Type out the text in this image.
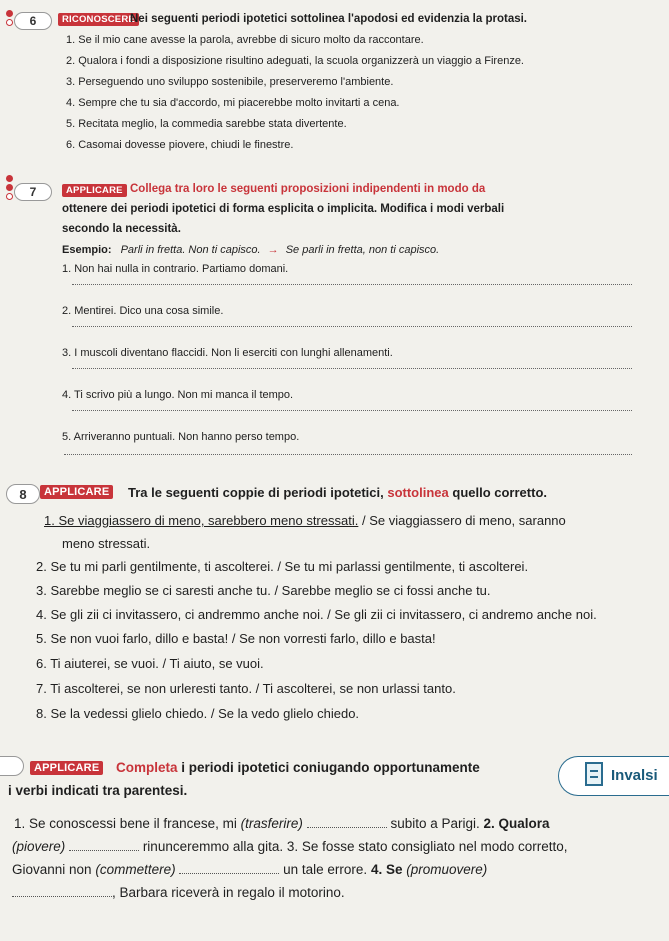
6	RICONOSCERE
Nei seguenti periodi ipotetici sottolinea l'apodosi ed evidenzia la protasi.
1. Se il mio cane avesse la parola, avrebbe di sicuro molto da raccontare.
2. Qualora i fondi a disposizione risultino adeguati, la scuola organizzerà un viaggio a Firenze.
3. Perseguendo uno sviluppo sostenibile, preserveremo l'ambiente.
4. Sempre che tu sia d'accordo, mi piacerebbe molto invitarti a cena.
5. Recitata meglio, la commedia sarebbe stata divertente.
6. Casomai dovesse piovere, chiudi le finestre.
7	APPLICARE Collega tra loro le seguenti proposizioni indipendenti in modo da
ottenere dei periodi ipotetici di forma esplicita o implicita. Modifica i modi verbali
secondo la necessità.
Esempio: Parli in fretta. Non ti capisco. → Se parli in fretta, non ti capisco.
1. Non hai nulla in contrario. Partiamo domani.
2. Mentirei. Dico una cosa simile.
3. I muscoli diventano flaccidi. Non li eserciti con lunghi allenamenti.
4. Ti scrivo più a lungo. Non mi manca il tempo.
5. Arriveranno puntuali. Non hanno perso tempo.
8	APPLICARE	Tra le seguenti coppie di periodi ipotetici, sottolinea quello corretto.
1. Se viaggiassero di meno, sarebbero meno stressati. / Se viaggiassero di meno, saranno
meno stressati.
2. Se tu mi parli gentilmente, ti ascolterei. / Se tu mi parlassi gentilmente, ti ascolterei.
3. Sarebbe meglio se ci saresti anche tu. / Sarebbe meglio se ci fossi anche tu.
4. Se gli zii ci invitassero, ci andremmo anche noi. / Se gli zii ci invitassero, ci andremo anche noi.
5. Se non vuoi farlo, dillo e basta! / Se non vorresti farlo, dillo e basta!
6. Ti aiuterei, se vuoi. / Ti aiuto, se vuoi.
7. Ti ascolterei, se non urleresti tanto. / Ti ascolterei, se non urlassi tanto.
8. Se la vedessi glielo chiedo. / Se la vedo glielo chiedo.
APPLICARE Completa i periodi ipotetici coniugando opportunamente
i verbi indicati tra parentesi.
Invalsi
1. Se conoscessi bene il francese, mi (trasferire)	subito a Parigi. 2. Qualora
(piovere)	rinunceremmo alla gita. 3. Se fosse stato consigliato nel modo corretto,
Giovanni non (commettere)	un tale errore. 4. Se (promuovere)
, Barbara riceverà in regalo il motorino.
